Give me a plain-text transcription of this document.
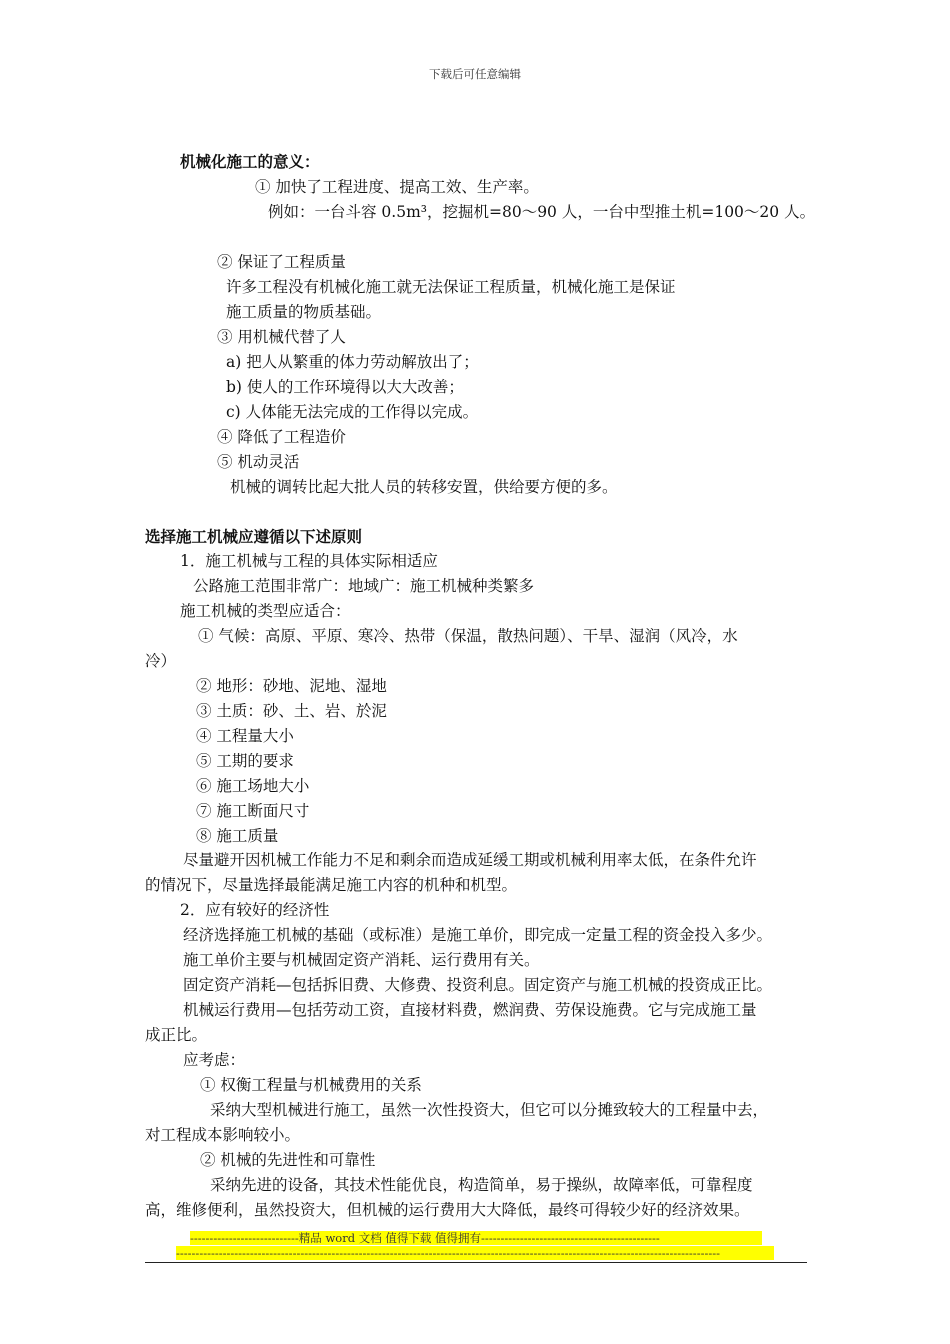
下载后可任意编辑
机械化施工的意义：
① 加快了工程进度、提高工效、生产率。
例如：一台斗容 0.5m³，挖掘机=80～90 人，一台中型推土机=100～20 人。
② 保证了工程质量
许多工程没有机械化施工就无法保证工程质量，机械化施工是保证
施工质量的物质基础。
③ 用机械代替了人
a) 把人从繁重的体力劳动解放出了；
b) 使人的工作环境得以大大改善；
c) 人体能无法完成的工作得以完成。
④ 降低了工程造价
⑤ 机动灵活
机械的调转比起大批人员的转移安置，供给要方便的多。
选择施工机械应遵循以下述原则
1．施工机械与工程的具体实际相适应
公路施工范围非常广：地域广：施工机械种类繁多
施工机械的类型应适合：
① 气候：高原、平原、寒冷、热带（保温，散热问题）、干旱、湿润（风冷，水
冷）
② 地形：砂地、泥地、湿地
③ 土质：砂、土、岩、於泥
④ 工程量大小
⑤ 工期的要求
⑥ 施工场地大小
⑦ 施工断面尺寸
⑧ 施工质量
尽量避开因机械工作能力不足和剩余而造成延缓工期或机械利用率太低，在条件允许
的情况下，尽量选择最能满足施工内容的机种和机型。
2．应有较好的经济性
经济选择施工机械的基础（或标准）是施工单价，即完成一定量工程的资金投入多少。
施工单价主要与机械固定资产消耗、运行费用有关。
固定资产消耗—包括拆旧费、大修费、投资利息。固定资产与施工机械的投资成正比。
机械运行费用—包括劳动工资，直接材料费，燃润费、劳保设施费。它与完成施工量
成正比。
应考虑：
① 权衡工程量与机械费用的关系
采纳大型机械进行施工，虽然一次性投资大，但它可以分摊致较大的工程量中去，
对工程成本影响较小。
② 机械的先进性和可靠性
采纳先进的设备，其技术性能优良，构造简单，易于操纵，故障率低，可靠程度
高，维修便利，虽然投资大，但机械的运行费用大大降低，最终可得较少好的经济效果。
----------------------------精品 word 文档 值得下载 值得拥有----------------------------------------------
--------------------------------------------------------------------------------------------------------------------------------------------
